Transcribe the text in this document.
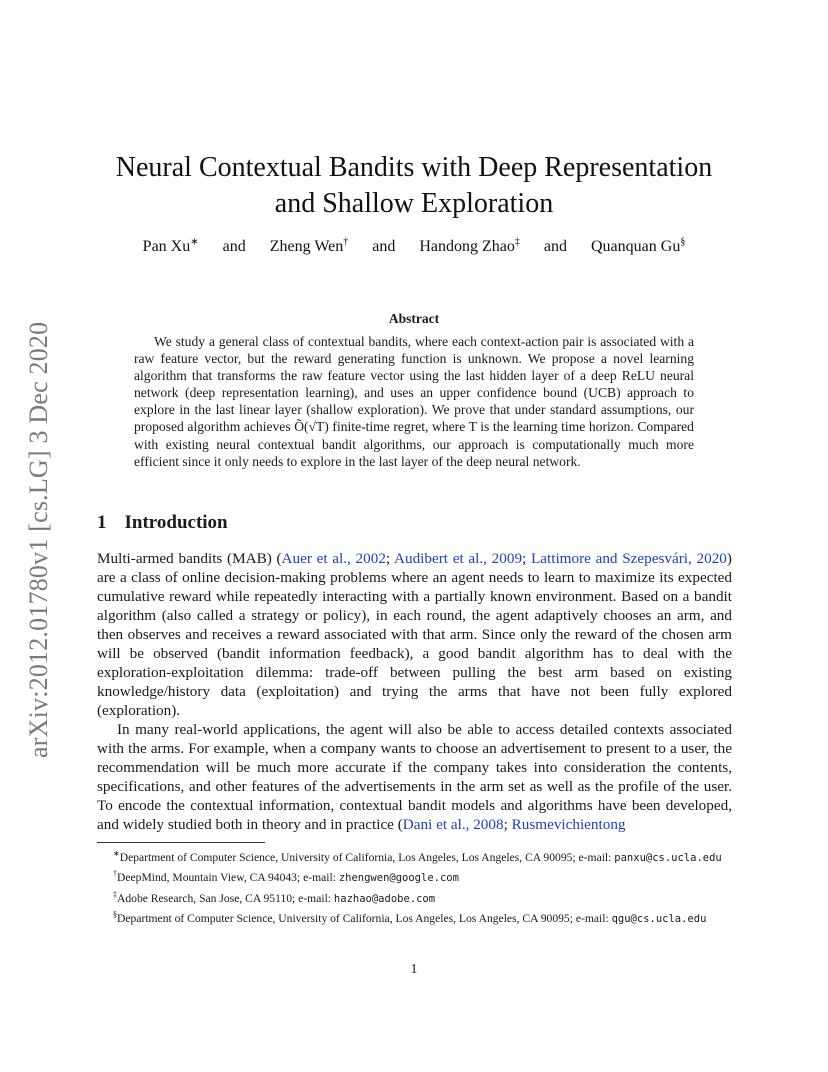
arXiv:2012.01780v1 [cs.LG] 3 Dec 2020
Neural Contextual Bandits with Deep Representation
and Shallow Exploration
Pan Xu∗ and Zheng Wen† and Handong Zhao‡ and Quanquan Gu§
Abstract
We study a general class of contextual bandits, where each context-action pair is associated with a raw feature vector, but the reward generating function is unknown. We propose a novel learning algorithm that transforms the raw feature vector using the last hidden layer of a deep ReLU neural network (deep representation learning), and uses an upper confidence bound (UCB) approach to explore in the last linear layer (shallow exploration). We prove that under standard assumptions, our proposed algorithm achieves Õ(√T) finite-time regret, where T is the learning time horizon. Compared with existing neural contextual bandit algorithms, our approach is computationally much more efficient since it only needs to explore in the last layer of the deep neural network.
1 Introduction

Multi-armed bandits (MAB) (Auer et al., 2002; Audibert et al., 2009; Lattimore and Szepesvári, 2020) are a class of online decision-making problems where an agent needs to learn to maximize its expected cumulative reward while repeatedly interacting with a partially known environment. Based on a bandit algorithm (also called a strategy or policy), in each round, the agent adaptively chooses an arm, and then observes and receives a reward associated with that arm. Since only the reward of the chosen arm will be observed (bandit information feedback), a good bandit algorithm has to deal with the exploration-exploitation dilemma: trade-off between pulling the best arm based on existing knowledge/history data (exploitation) and trying the arms that have not been fully explored (exploration).

In many real-world applications, the agent will also be able to access detailed contexts associated with the arms. For example, when a company wants to choose an advertisement to present to a user, the recommendation will be much more accurate if the company takes into consideration the contents, specifications, and other features of the advertisements in the arm set as well as the profile of the user. To encode the contextual information, contextual bandit models and algorithms have been developed, and widely studied both in theory and in practice (Dani et al., 2008; Rusmevichientong

∗Department of Computer Science, University of California, Los Angeles, Los Angeles, CA 90095; e-mail: panxu@cs.ucla.edu
†DeepMind, Mountain View, CA 94043; e-mail: zhengwen@google.com
‡Adobe Research, San Jose, CA 95110; e-mail: hazhao@adobe.com
§Department of Computer Science, University of California, Los Angeles, Los Angeles, CA 90095; e-mail: qgu@cs.ucla.edu
1
